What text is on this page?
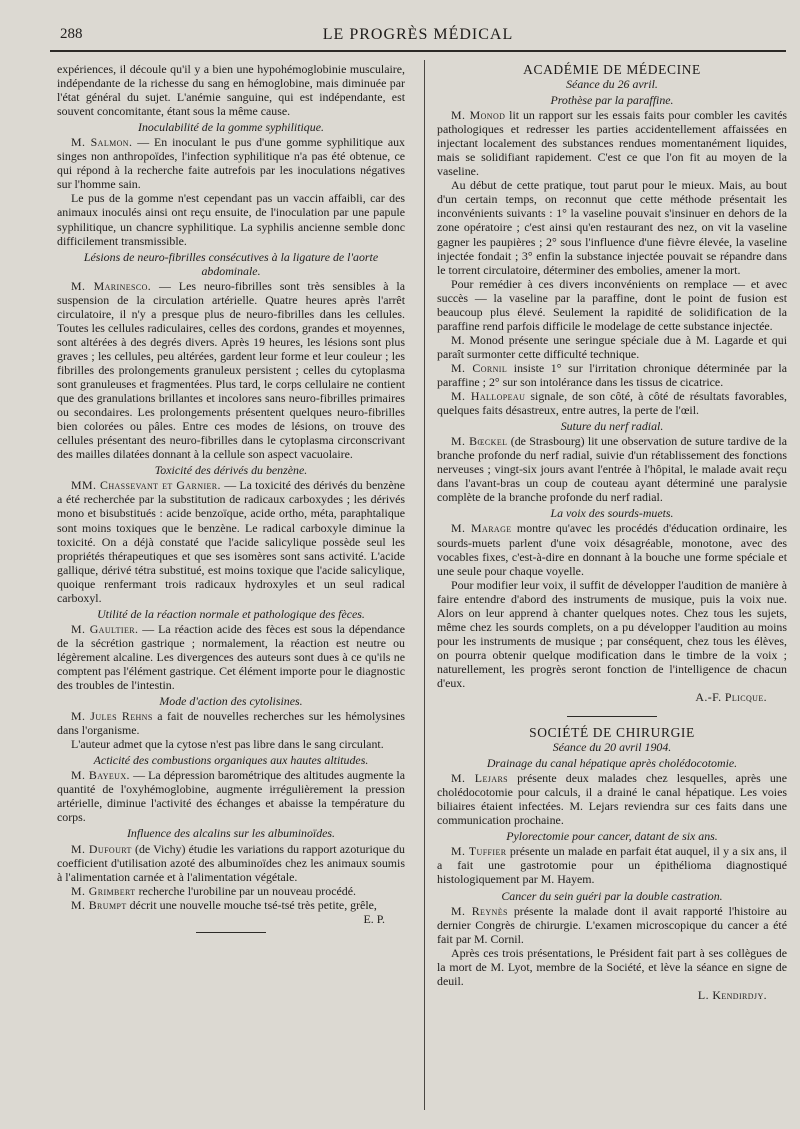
288	LE PROGRÈS MÉDICAL

expériences, il découle qu'il y a bien une hypohémoglobinie musculaire, indépendante de la richesse du sang en hémoglobine, mais diminuée par l'état général du sujet. L'anémie sanguine, qui est indépendante, est souvent concomitante, étant sous la même cause.

Inoculabilité de la gomme syphilitique.

M. Salmon. — En inoculant le pus d'une gomme syphilitique aux singes non anthropoïdes, l'infection syphilitique n'a pas été obtenue, ce qui répond à la recherche faite autrefois par les inoculations négatives sur l'homme sain.

Le pus de la gomme n'est cependant pas un vaccin affaibli, car des animaux inoculés ainsi ont reçu ensuite, de l'inoculation par une papule syphilitique, un chancre syphilitique. La syphilis ancienne semble donc difficilement transmissible.

Lésions de neuro-fibrilles consécutives à la ligature de l'aorte abdominale.

M. Marinesco. — Les neuro-fibrilles sont très sensibles à la suspension de la circulation artérielle. Quatre heures après l'arrêt circulatoire, il n'y a presque plus de neuro-fibrilles dans les cellules. Toutes les cellules radiculaires, celles des cordons, grandes et moyennes, sont altérées à des degrés divers. Après 19 heures, les lésions sont plus graves ; les cellules, peu altérées, gardent leur forme et leur couleur ; les fibrilles des prolongements granuleux persistent ; celles du cytoplasma sont granuleuses et fragmentées. Plus tard, le corps cellulaire ne contient que des granulations brillantes et incolores sans neuro-fibrilles primaires ou secondaires. Les prolongements présentent quelques neuro-fibrilles bien colorées ou pâles. Entre ces modes de lésions, on trouve des cellules présentant des neuro-fibrilles dans le cytoplasma circonscrivant des mailles dilatées donnant à la cellule son aspect vacuolaire.

Toxicité des dérivés du benzène.

MM. Chassevant et Garnier. — La toxicité des dérivés du benzène a été recherchée par la substitution de radicaux carboxydes ; les dérivés mono et bisubstitués : acide benzoïque, acide ortho, méta, paraphtalique sont moins toxiques que le benzène. Le radical carboxyle diminue la toxicité. On a déjà constaté que l'acide salicylique possède seul les propriétés thérapeutiques et que ses isomères sont sans activité. L'acide gallique, dérivé tétra substitué, est moins toxique que l'acide salicylique, quoique renfermant trois radicaux hydroxyles et un seul radical carboxyl.

Utilité de la réaction normale et pathologique des fèces.

M. Gaultier. — La réaction acide des fèces est sous la dépendance de la sécrétion gastrique ; normalement, la réaction est neutre ou légèrement alcaline. Les divergences des auteurs sont dues à ce qu'ils ne comptent pas l'élément gastrique. Cet élément importe pour le diagnostic des troubles de l'intestin.

Mode d'action des cytolisines.

M. Jules Rehns a fait de nouvelles recherches sur les hémolysines dans l'organisme.

L'auteur admet que la cytose n'est pas libre dans le sang circulant.

Acticité des combustions organiques aux hautes altitudes.

M. Bayeux. — La dépression barométrique des altitudes augmente la quantité de l'oxyhémoglobine, augmente irrégulièrement la pression artérielle, diminue l'activité des échanges et abaisse la température du corps.

Influence des alcalins sur les albuminoïdes.

M. Dufourt (de Vichy) étudie les variations du rapport azoturique du coefficient d'utilisation azoté des albuminoïdes chez les animaux soumis à l'alimentation carnée et à l'alimentation végétale.

M. Grimbert recherche l'urobiline par un nouveau procédé.

M. Brumpt décrit une nouvelle mouche tsé-tsé très petite, grêle,

E. P.
ACADÉMIE DE MÉDECINE
Séance du 26 avril.
Prothèse par la paraffine.

M. Monod lit un rapport sur les essais faits pour combler les cavités pathologiques et redresser les parties accidentellement affaissées en injectant localement des substances rendues momentanément liquides, mais se solidifiant rapidement. C'est ce que l'on fit au moyen de la vaseline.

Au début de cette pratique, tout parut pour le mieux. Mais, au bout d'un certain temps, on reconnut que cette méthode présentait les inconvénients suivants : 1° la vaseline pouvait s'insinuer en dehors de la zone opératoire ; c'est ainsi qu'en restaurant des nez, on vit la vaseline gagner les paupières ; 2° sous l'influence d'une fièvre élevée, la vaseline injectée fondait ; 3° enfin la substance injectée pouvait se répandre dans le torrent circulatoire, déterminer des embolies, amener la mort.

Pour remédier à ces divers inconvénients on remplace — et avec succès — la vaseline par la paraffine, dont le point de fusion est beaucoup plus élevé. Seulement la rapidité de solidification de la paraffine rend parfois difficile le modelage de cette substance injectée.

M. Monod présente une seringue spéciale due à M. Lagarde et qui paraît surmonter cette difficulté technique.

M. Cornil insiste 1° sur l'irritation chronique déterminée par la paraffine ; 2° sur son intolérance dans les tissus de cicatrice.

M. Hallopeau signale, de son côté, à côté de résultats favorables, quelques faits désastreux, entre autres, la perte de l'œil.

Suture du nerf radial.

M. Bœckel (de Strasbourg) lit une observation de suture tardive de la branche profonde du nerf radial, suivie d'un rétablissement des fonctions nerveuses ; vingt-six jours avant l'entrée à l'hôpital, le malade avait reçu dans l'avant-bras un coup de couteau ayant déterminé une paralysie complète de la branche profonde du nerf radial.

La voix des sourds-muets.

M. Marage montre qu'avec les procédés d'éducation ordinaire, les sourds-muets parlent d'une voix désagréable, monotone, avec des vocables fixes, c'est-à-dire en donnant à la bouche une forme spéciale et une seule pour chaque voyelle.

Pour modifier leur voix, il suffit de développer l'audition de manière à faire entendre d'abord des instruments de musique, puis la voix nue. Alors on leur apprend à chanter quelques notes. Chez tous les sujets, même chez les sourds complets, on a pu développer l'audition au moins pour les instruments de musique ; par conséquent, chez tous les élèves, on pourra obtenir quelque modification dans le timbre de la voix ; naturellement, les progrès seront fonction de l'intelligence de chacun d'eux.

A.-F. Plicque.
SOCIÉTÉ DE CHIRURGIE
Séance du 20 avril 1904.
Drainage du canal hépatique après cholédocotomie.

M. Lejars présente deux malades chez lesquelles, après une cholédocotomie pour calculs, il a drainé le canal hépatique. Les voies biliaires étaient infectées. M. Lejars reviendra sur ces faits dans une communication prochaine.

Pylorectomie pour cancer, datant de six ans.

M. Tuffier présente un malade en parfait état auquel, il y a six ans, il a fait une gastrotomie pour un épithélioma diagnostiqué histologiquement par M. Hayem.

Cancer du sein guéri par la double castration.

M. Reynès présente la malade dont il avait rapporté l'histoire au dernier Congrès de chirurgie. L'examen microscopique du cancer a été fait par M. Cornil.

Après ces trois présentations, le Président fait part à ses collègues de la mort de M. Lyot, membre de la Société, et lève la séance en signe de deuil.

L. Kendirdjy.
